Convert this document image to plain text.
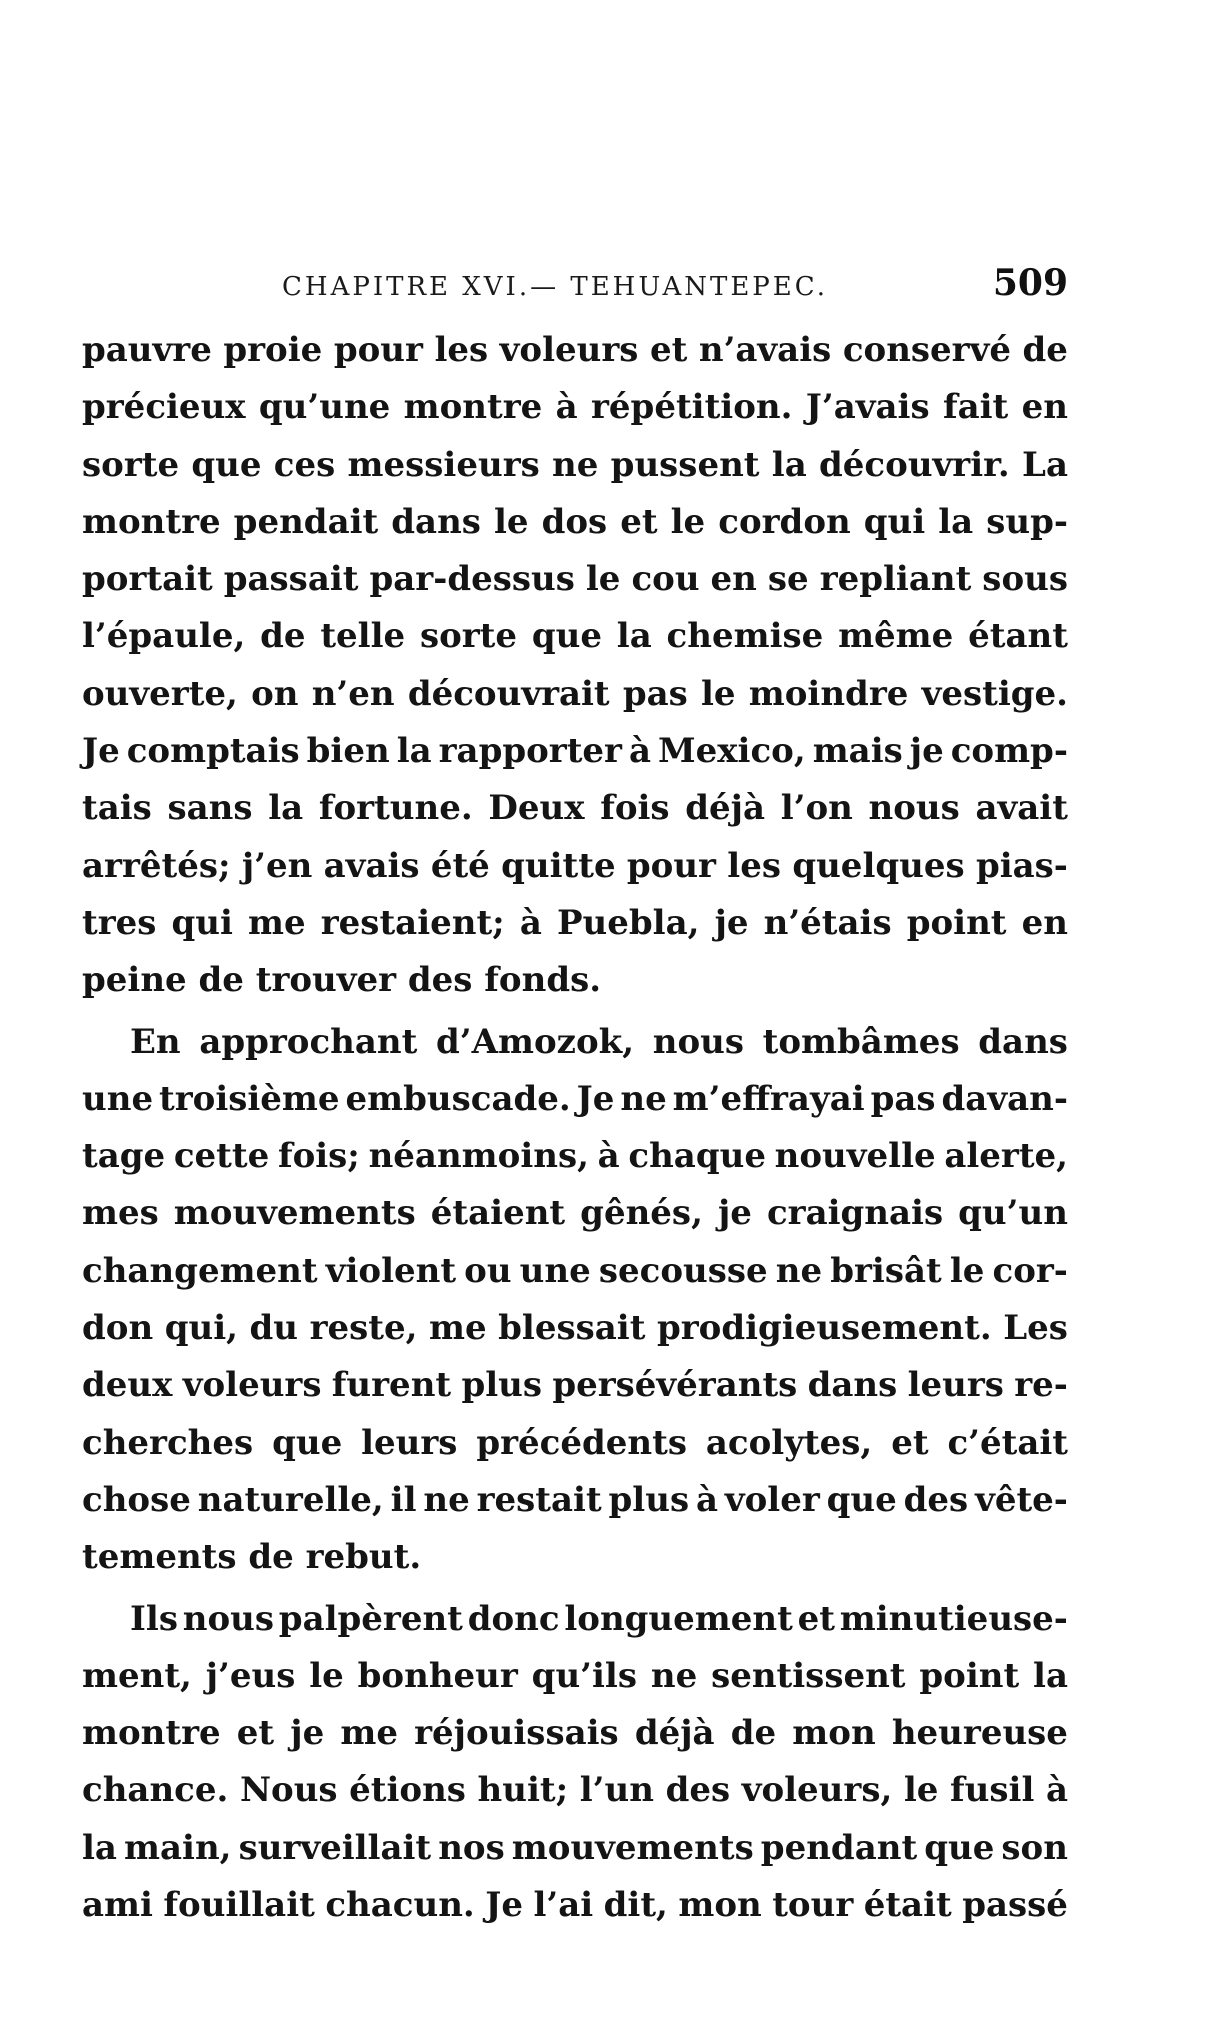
CHAPITRE XVI.— TEHUANTEPEC.	509
pauvre proie pour les voleurs et n’avais conservé de
précieux qu’une montre à répétition. J’avais fait en
sorte que ces messieurs ne pussent la découvrir. La
montre pendait dans le dos et le cordon qui la sup-
portait passait par-dessus le cou en se repliant sous
l’épaule, de telle sorte que la chemise même étant
ouverte, on n’en découvrait pas le moindre vestige.
Je comptais bien la rapporter à Mexico, mais je comp-
tais sans la fortune. Deux fois déjà l’on nous avait
arrêtés; j’en avais été quitte pour les quelques pias-
tres qui me restaient; à Puebla, je n’étais point en
peine de trouver des fonds.
En approchant d’Amozok, nous tombâmes dans
une troisième embuscade. Je ne m’effrayai pas davan-
tage cette fois; néanmoins, à chaque nouvelle alerte,
mes mouvements étaient gênés, je craignais qu’un
changement violent ou une secousse ne brisât le cor-
don qui, du reste, me blessait prodigieusement. Les
deux voleurs furent plus persévérants dans leurs re-
cherches que leurs précédents acolytes, et c’était
chose naturelle, il ne restait plus à voler que des vête-
tements de rebut.
Ils nous palpèrent donc longuement et minutieuse-
ment, j’eus le bonheur qu’ils ne sentissent point la
montre et je me réjouissais déjà de mon heureuse
chance. Nous étions huit; l’un des voleurs, le fusil à
la main, surveillait nos mouvements pendant que son
ami fouillait chacun. Je l’ai dit, mon tour était passé
